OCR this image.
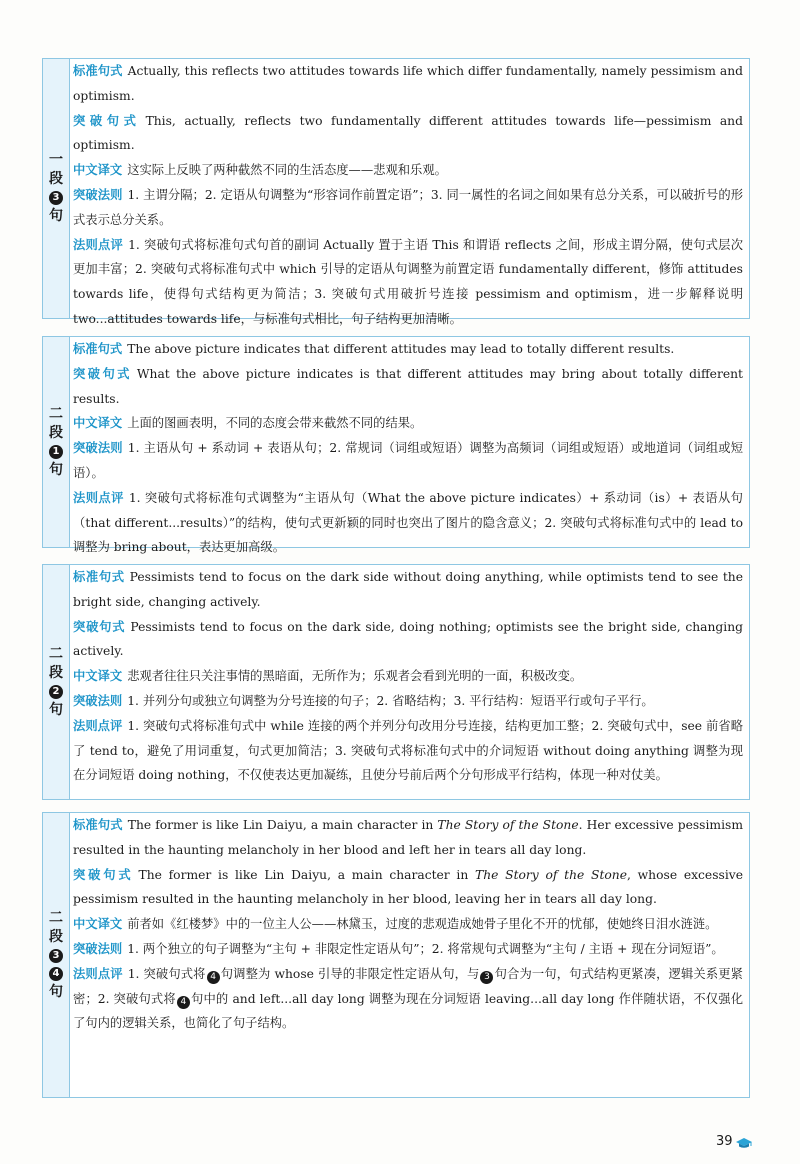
一
段
3
句

标准句式 Actually, this reflects two attitudes towards life which differ fundamentally, namely pessimism and optimism.

突破句式 This, actually, reflects two fundamentally different attitudes towards life—pessimism and optimism.

中文译文 这实际上反映了两种截然不同的生活态度——悲观和乐观。

突破法则 1. 主谓分隔；2. 定语从句调整为“形容词作前置定语”；3. 同一属性的名词之间如果有总分关系，可以破折号的形式表示总分关系。

法则点评 1. 突破句式将标准句式句首的副词 Actually 置于主语 This 和谓语 reflects 之间，形成主谓分隔，使句式层次更加丰富；2. 突破句式将标准句式中 which 引导的定语从句调整为前置定语 fundamentally different，修饰 attitudes towards life，使得句式结构更为简洁；3. 突破句式用破折号连接 pessimism and optimism，进一步解释说明 two...attitudes towards life，与标准句式相比，句子结构更加清晰。

二
段
1
句

标准句式 The above picture indicates that different attitudes may lead to totally different results.

突破句式 What the above picture indicates is that different attitudes may bring about totally different results.

中文译文 上面的图画表明，不同的态度会带来截然不同的结果。

突破法则 1. 主语从句 + 系动词 + 表语从句；2. 常规词（词组或短语）调整为高频词（词组或短语）或地道词（词组或短语）。

法则点评 1. 突破句式将标准句式调整为“主语从句（What the above picture indicates）+ 系动词（is）+ 表语从句（that different...results）”的结构，使句式更新颖的同时也突出了图片的隐含意义；2. 突破句式将标准句式中的 lead to 调整为 bring about，表达更加高级。

二
段
2
句

标准句式 Pessimists tend to focus on the dark side without doing anything, while optimists tend to see the bright side, changing actively.

突破句式 Pessimists tend to focus on the dark side, doing nothing; optimists see the bright side, changing actively.

中文译文 悲观者往往只关注事情的黑暗面，无所作为；乐观者会看到光明的一面，积极改变。

突破法则 1. 并列分句或独立句调整为分号连接的句子；2. 省略结构；3. 平行结构：短语平行或句子平行。

法则点评 1. 突破句式将标准句式中 while 连接的两个并列分句改用分号连接，结构更加工整；2. 突破句式中，see 前省略了 tend to，避免了用词重复，句式更加简洁；3. 突破句式将标准句式中的介词短语 without doing anything 调整为现在分词短语 doing nothing，不仅使表达更加凝练，且使分号前后两个分句形成平行结构，体现一种对仗美。

二
段
3
4
句

标准句式 The former is like Lin Daiyu, a main character in The Story of the Stone. Her excessive pessimism resulted in the haunting melancholy in her blood and left her in tears all day long.

突破句式 The former is like Lin Daiyu, a main character in The Story of the Stone, whose excessive pessimism resulted in the haunting melancholy in her blood, leaving her in tears all day long.

中文译文 前者如《红楼梦》中的一位主人公——林黛玉，过度的悲观造成她骨子里化不开的忧郁，使她终日泪水涟涟。

突破法则 1. 两个独立的句子调整为“主句 + 非限定性定语从句”；2. 将常规句式调整为“主句 / 主语 + 现在分词短语”。

法则点评 1. 突破句式将 4 句调整为 whose 引导的非限定性定语从句，与 3 句合为一句，句式结构更紧凑，逻辑关系更紧密；2. 突破句式将 4 句中的 and left...all day long 调整为现在分词短语 leaving...all day long 作伴随状语，不仅强化了句内的逻辑关系，也简化了句子结构。

39
